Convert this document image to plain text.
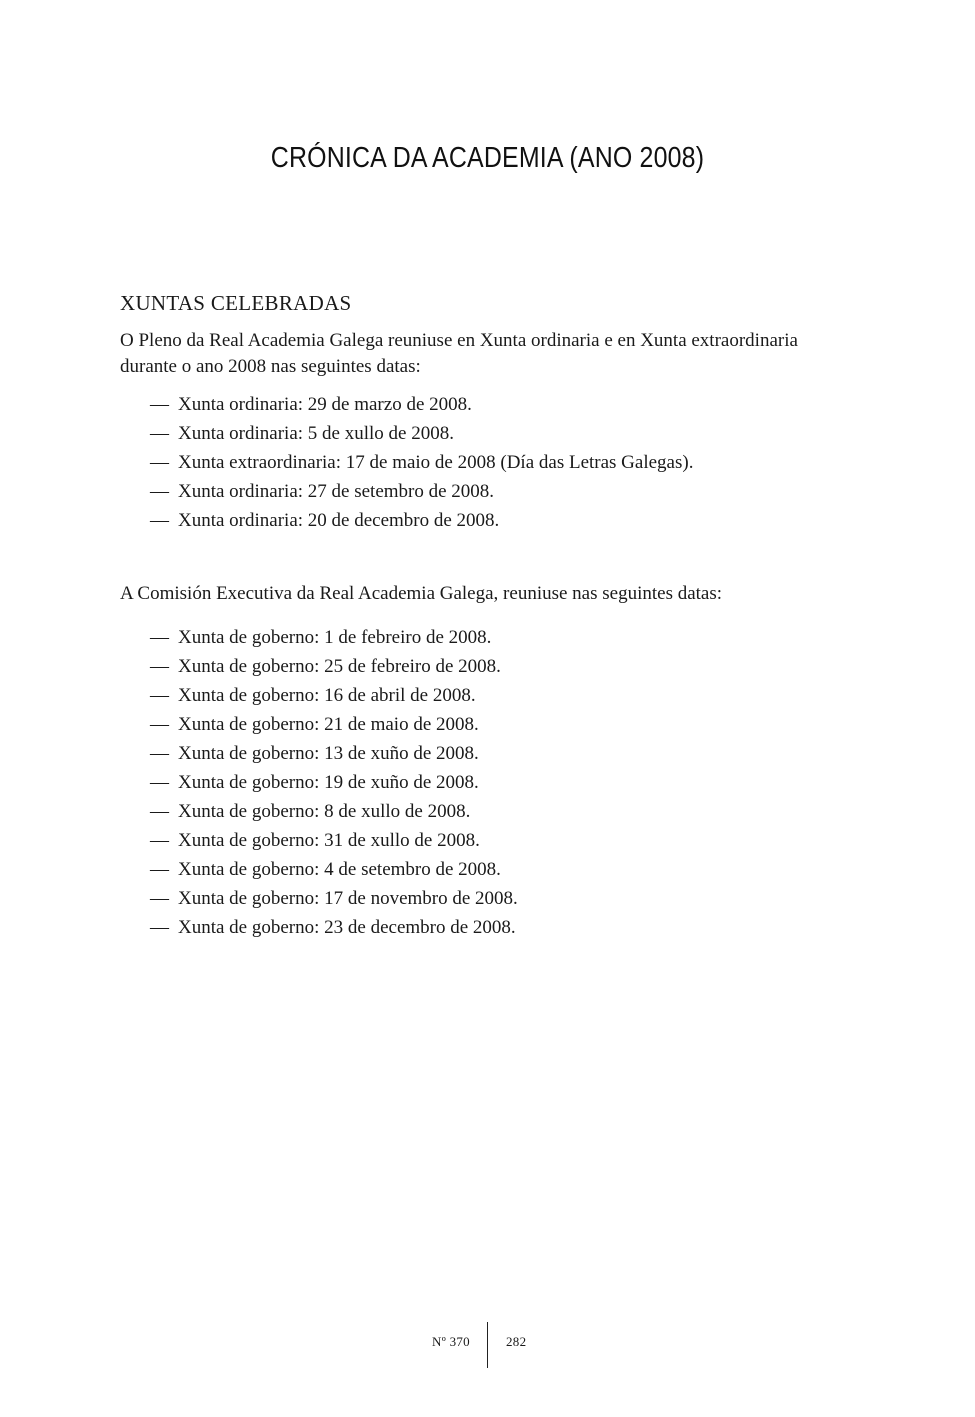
CRÓNICA DA ACADEMIA (ANO 2008)
XUNTAS CELEBRADAS
O Pleno da Real Academia Galega reuniuse en Xunta ordinaria e en Xunta extraordinaria durante o ano 2008 nas seguintes datas:
— Xunta ordinaria: 29 de marzo de 2008.
— Xunta ordinaria: 5 de xullo de 2008.
— Xunta extraordinaria: 17 de maio de 2008 (Día das Letras Galegas).
— Xunta ordinaria: 27 de setembro de 2008.
— Xunta ordinaria: 20 de decembro de 2008.
A Comisión Executiva da Real Academia Galega, reuniuse nas seguintes datas:
— Xunta de goberno: 1 de febreiro de 2008.
— Xunta de goberno: 25 de febreiro de 2008.
— Xunta de goberno: 16 de abril de 2008.
— Xunta de goberno: 21 de maio de 2008.
— Xunta de goberno: 13 de xuño de 2008.
— Xunta de goberno: 19 de xuño de 2008.
— Xunta de goberno: 8 de xullo de 2008.
— Xunta de goberno: 31 de xullo de 2008.
— Xunta de goberno: 4 de setembro de 2008.
— Xunta de goberno: 17 de novembro de 2008.
— Xunta de goberno: 23 de decembro de 2008.
Nº 370	282
